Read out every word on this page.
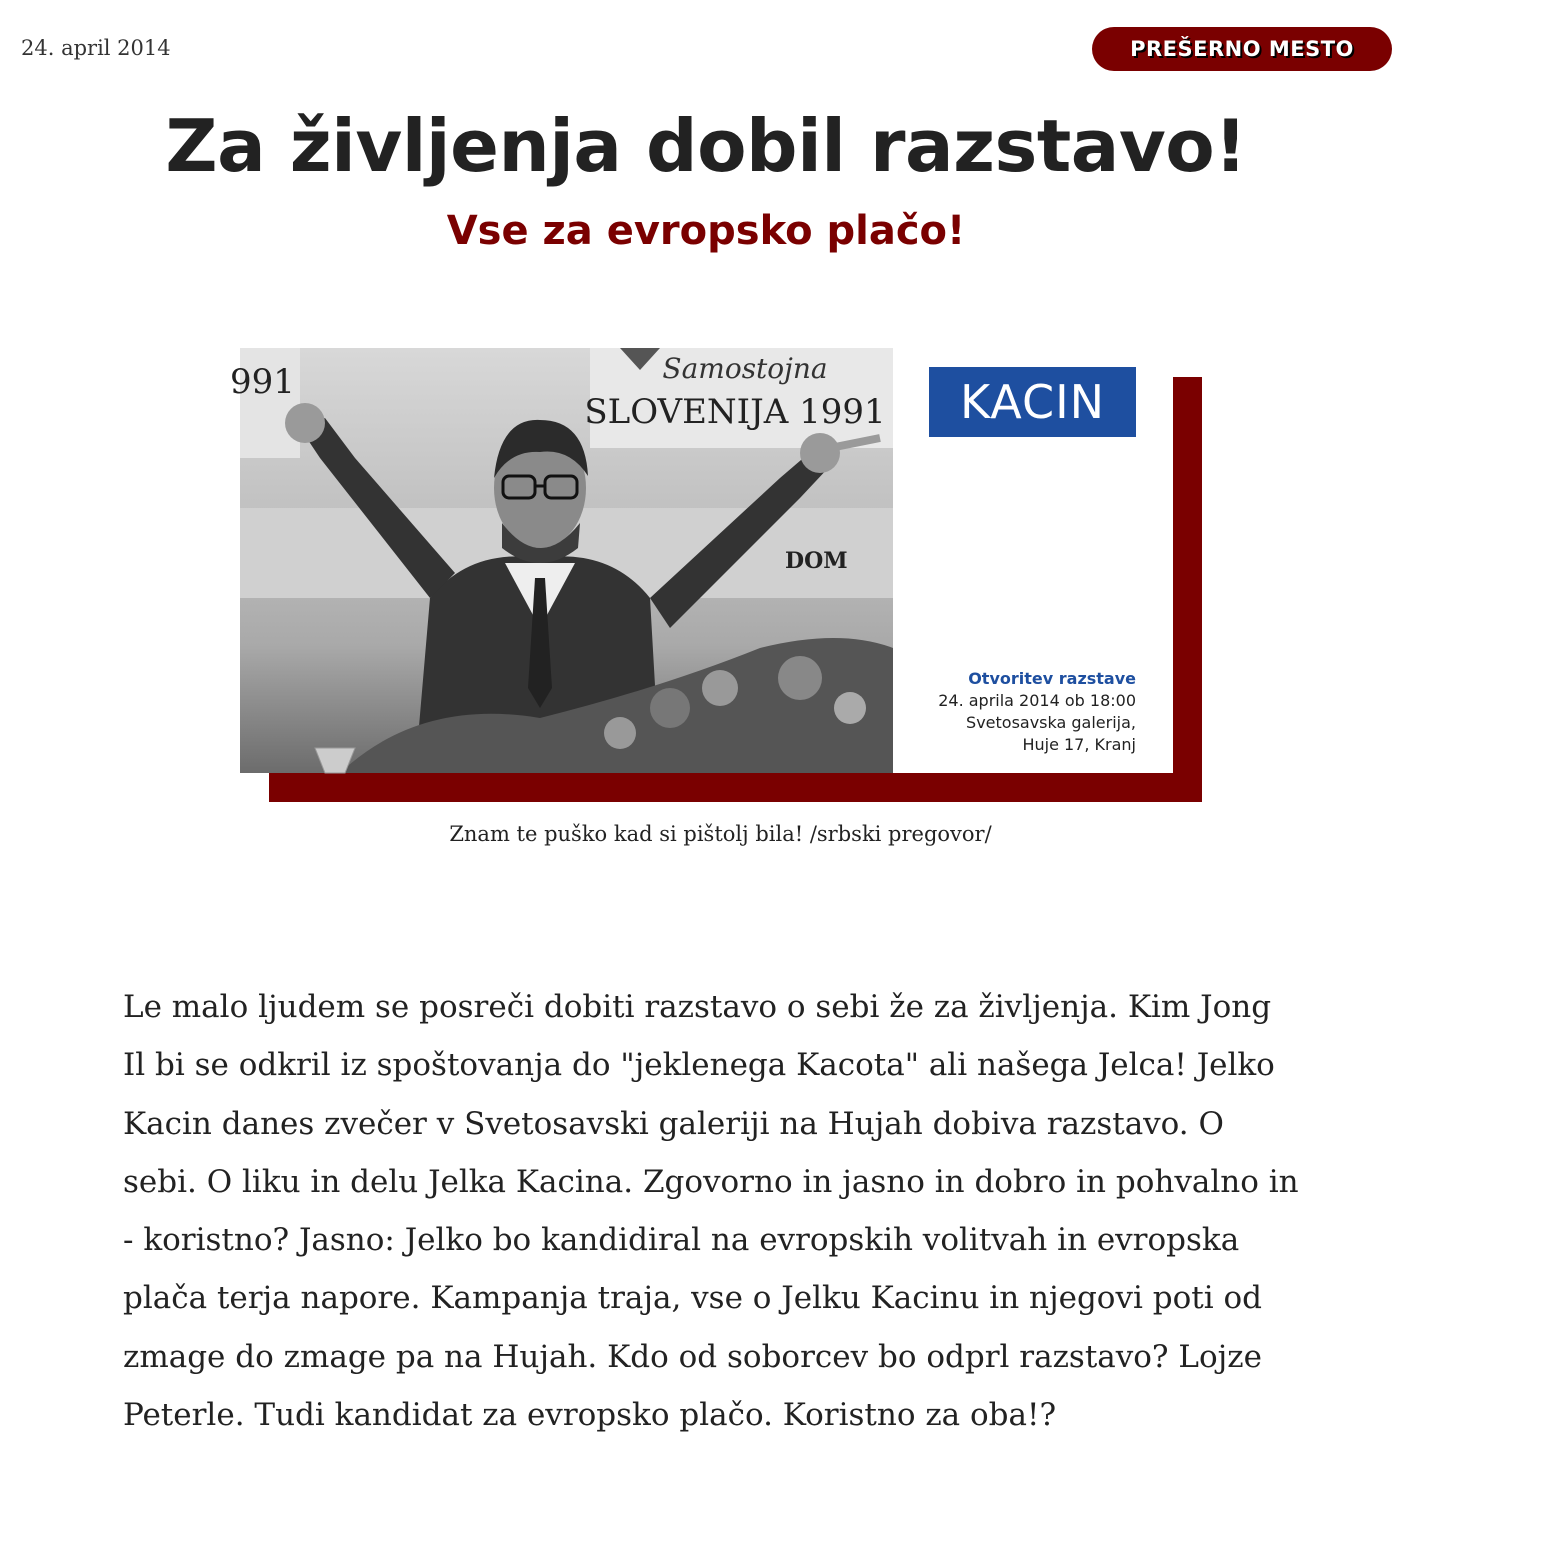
24. april 2014	PREŠERNO MESTO
Za življenja dobil razstavo!
Vse za evropsko plačo!
Samostojna
SLOVENIJA 1991
991
DOM
KACIN
Otvoritev razstave
24. aprila 2014 ob 18:00
Svetosavska galerija,
Huje 17, Kranj
Znam te puško kad si pištolj bila! /srbski pregovor/

Le malo ljudem se posreči dobiti razstavo o sebi že za življenja. Kim Jong Il bi se odkril iz spoštovanja do "jeklenega Kacota" ali našega Jelca! Jelko Kacin danes zvečer v Svetosavski galeriji na Hujah dobiva razstavo. O sebi. O liku in delu Jelka Kacina. Zgovorno in jasno in dobro in pohvalno in - koristno? Jasno: Jelko bo kandidiral na evropskih volitvah in evropska plača terja napore. Kampanja traja, vse o Jelku Kacinu in njegovi poti od zmage do zmage pa na Hujah. Kdo od soborcev bo odprl razstavo? Lojze Peterle. Tudi kandidat za evropsko plačo. Koristno za oba!?
